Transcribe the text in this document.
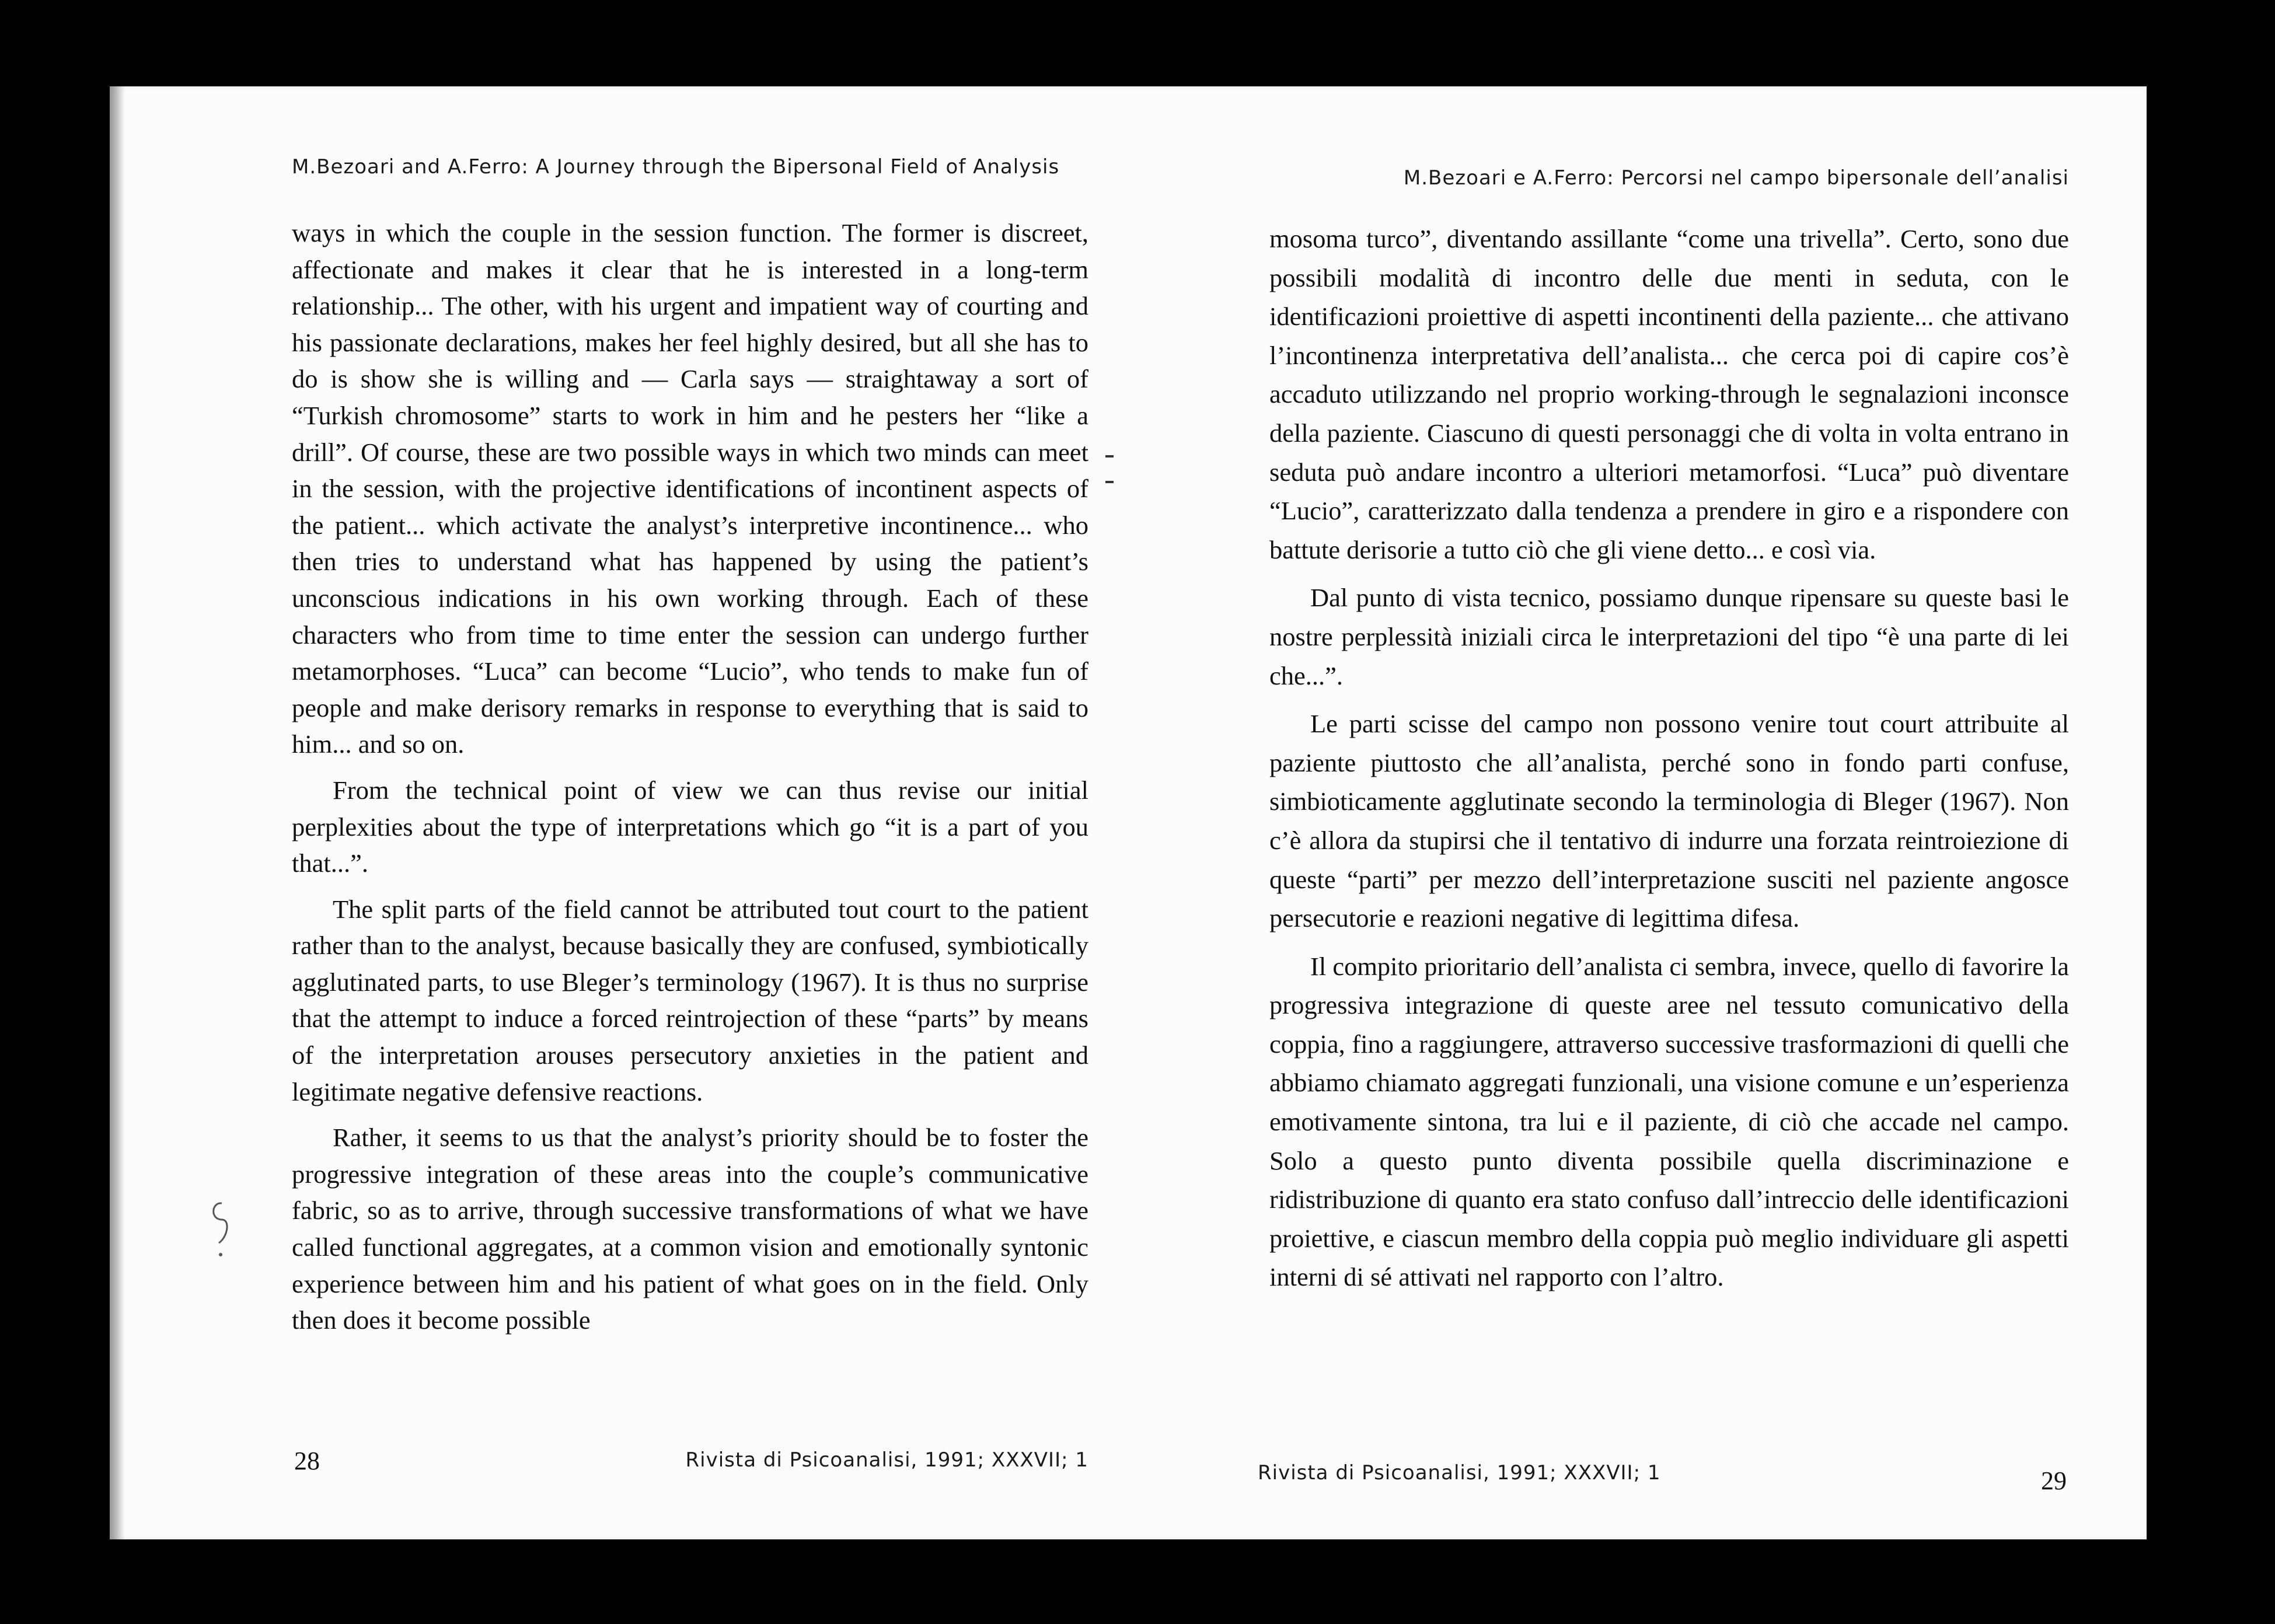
M.Bezoari and A.Ferro: A Journey through the Bipersonal Field of Analysis

ways in which the couple in the session function. The former is discreet, affectionate and makes it clear that he is interested in a long-term relationship... The other, with his urgent and impatient way of courting and his passionate declarations, makes her feel highly desired, but all she has to do is show she is willing and — Carla says — straightaway a sort of “Turkish chromosome” starts to work in him and he pesters her “like a drill”. Of course, these are two possible ways in which two minds can meet in the session, with the projective identifications of incontinent aspects of the patient... which activate the analyst’s interpretive incontinence... who then tries to understand what has happened by using the patient’s unconscious indications in his own working through. Each of these characters who from time to time enter the session can undergo further metamorphoses. “Luca” can become “Lucio”, who tends to make fun of people and make derisory remarks in response to everything that is said to him... and so on.

From the technical point of view we can thus revise our initial perplexities about the type of interpretations which go “it is a part of you that...”.

The split parts of the field cannot be attributed tout court to the patient rather than to the analyst, because basically they are confused, symbiotically agglutinated parts, to use Bleger’s terminology (1967). It is thus no surprise that the attempt to induce a forced reintrojection of these “parts” by means of the interpretation arouses persecutory anxieties in the patient and legitimate negative defensive reactions.

Rather, it seems to us that the analyst’s priority should be to foster the progressive integration of these areas into the couple’s communicative fabric, so as to arrive, through successive transformations of what we have called functional aggregates, at a common vision and emotionally syntonic experience between him and his patient of what goes on in the field. Only then does it become possible

28	Rivista di Psicoanalisi, 1991; XXXVII; 1
M.Bezoari e A.Ferro: Percorsi nel campo bipersonale dell’analisi

mosoma turco”, diventando assillante “come una trivella”. Certo, sono due possibili modalità di incontro delle due menti in seduta, con le identificazioni proiettive di aspetti incontinenti della paziente... che attivano l’incontinenza interpretativa dell’analista... che cerca poi di capire cos’è accaduto utilizzando nel proprio working-through le segnalazioni inconsce della paziente. Ciascuno di questi personaggi che di volta in volta entrano in seduta può andare incontro a ulteriori metamorfosi. “Luca” può diventare “Lucio”, caratterizzato dalla tendenza a prendere in giro e a rispondere con battute derisorie a tutto ciò che gli viene detto... e così via.

Dal punto di vista tecnico, possiamo dunque ripensare su queste basi le nostre perplessità iniziali circa le interpretazioni del tipo “è una parte di lei che...”.

Le parti scisse del campo non possono venire tout court attribuite al paziente piuttosto che all’analista, perché sono in fondo parti confuse, simbioticamente agglutinate secondo la terminologia di Bleger (1967). Non c’è allora da stupirsi che il tentativo di indurre una forzata reintroiezione di queste “parti” per mezzo dell’interpretazione susciti nel paziente angosce persecutorie e reazioni negative di legittima difesa.

Il compito prioritario dell’analista ci sembra, invece, quello di favorire la progressiva integrazione di queste aree nel tessuto comunicativo della coppia, fino a raggiungere, attraverso successive trasformazioni di quelli che abbiamo chiamato aggregati funzionali, una visione comune e un’esperienza emotivamente sintona, tra lui e il paziente, di ciò che accade nel campo. Solo a questo punto diventa possibile quella discriminazione e ridistribuzione di quanto era stato confuso dall’intreccio delle identificazioni proiettive, e ciascun membro della coppia può meglio individuare gli aspetti interni di sé attivati nel rapporto con l’altro.

Rivista di Psicoanalisi, 1991; XXXVII; 1	29
